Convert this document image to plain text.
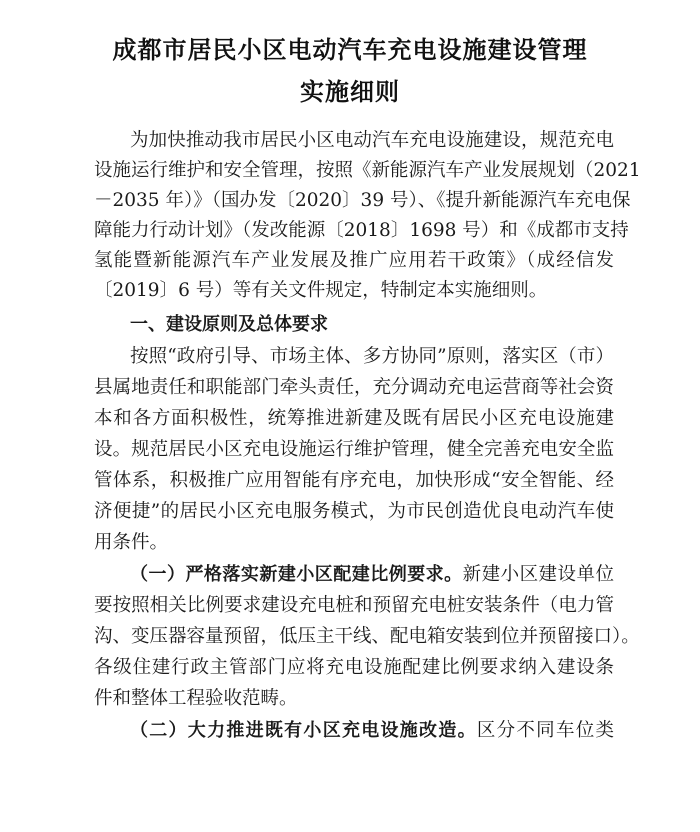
成都市居民小区电动汽车充电设施建设管理
实施细则
为加快推动我市居民小区电动汽车充电设施建设，规范充电
设施运行维护和安全管理，按照《新能源汽车产业发展规划（2021
－2035 年）》（国办发〔2020〕39 号）、《提升新能源汽车充电保
障能力行动计划》（发改能源〔2018〕1698 号）和《成都市支持
氢能暨新能源汽车产业发展及推广应用若干政策》（成经信发
〔2019〕6 号）等有关文件规定，特制定本实施细则。
一、建设原则及总体要求
按照“政府引导、市场主体、多方协同”原则，落实区（市）
县属地责任和职能部门牵头责任，充分调动充电运营商等社会资
本和各方面积极性，统筹推进新建及既有居民小区充电设施建
设。规范居民小区充电设施运行维护管理，健全完善充电安全监
管体系，积极推广应用智能有序充电，加快形成“安全智能、经
济便捷”的居民小区充电服务模式，为市民创造优良电动汽车使
用条件。
（一）严格落实新建小区配建比例要求。新建小区建设单位
要按照相关比例要求建设充电桩和预留充电桩安装条件（电力管
沟、变压器容量预留，低压主干线、配电箱安装到位并预留接口）。
各级住建行政主管部门应将充电设施配建比例要求纳入建设条
件和整体工程验收范畴。
（二）大力推进既有小区充电设施改造。区分不同车位类
